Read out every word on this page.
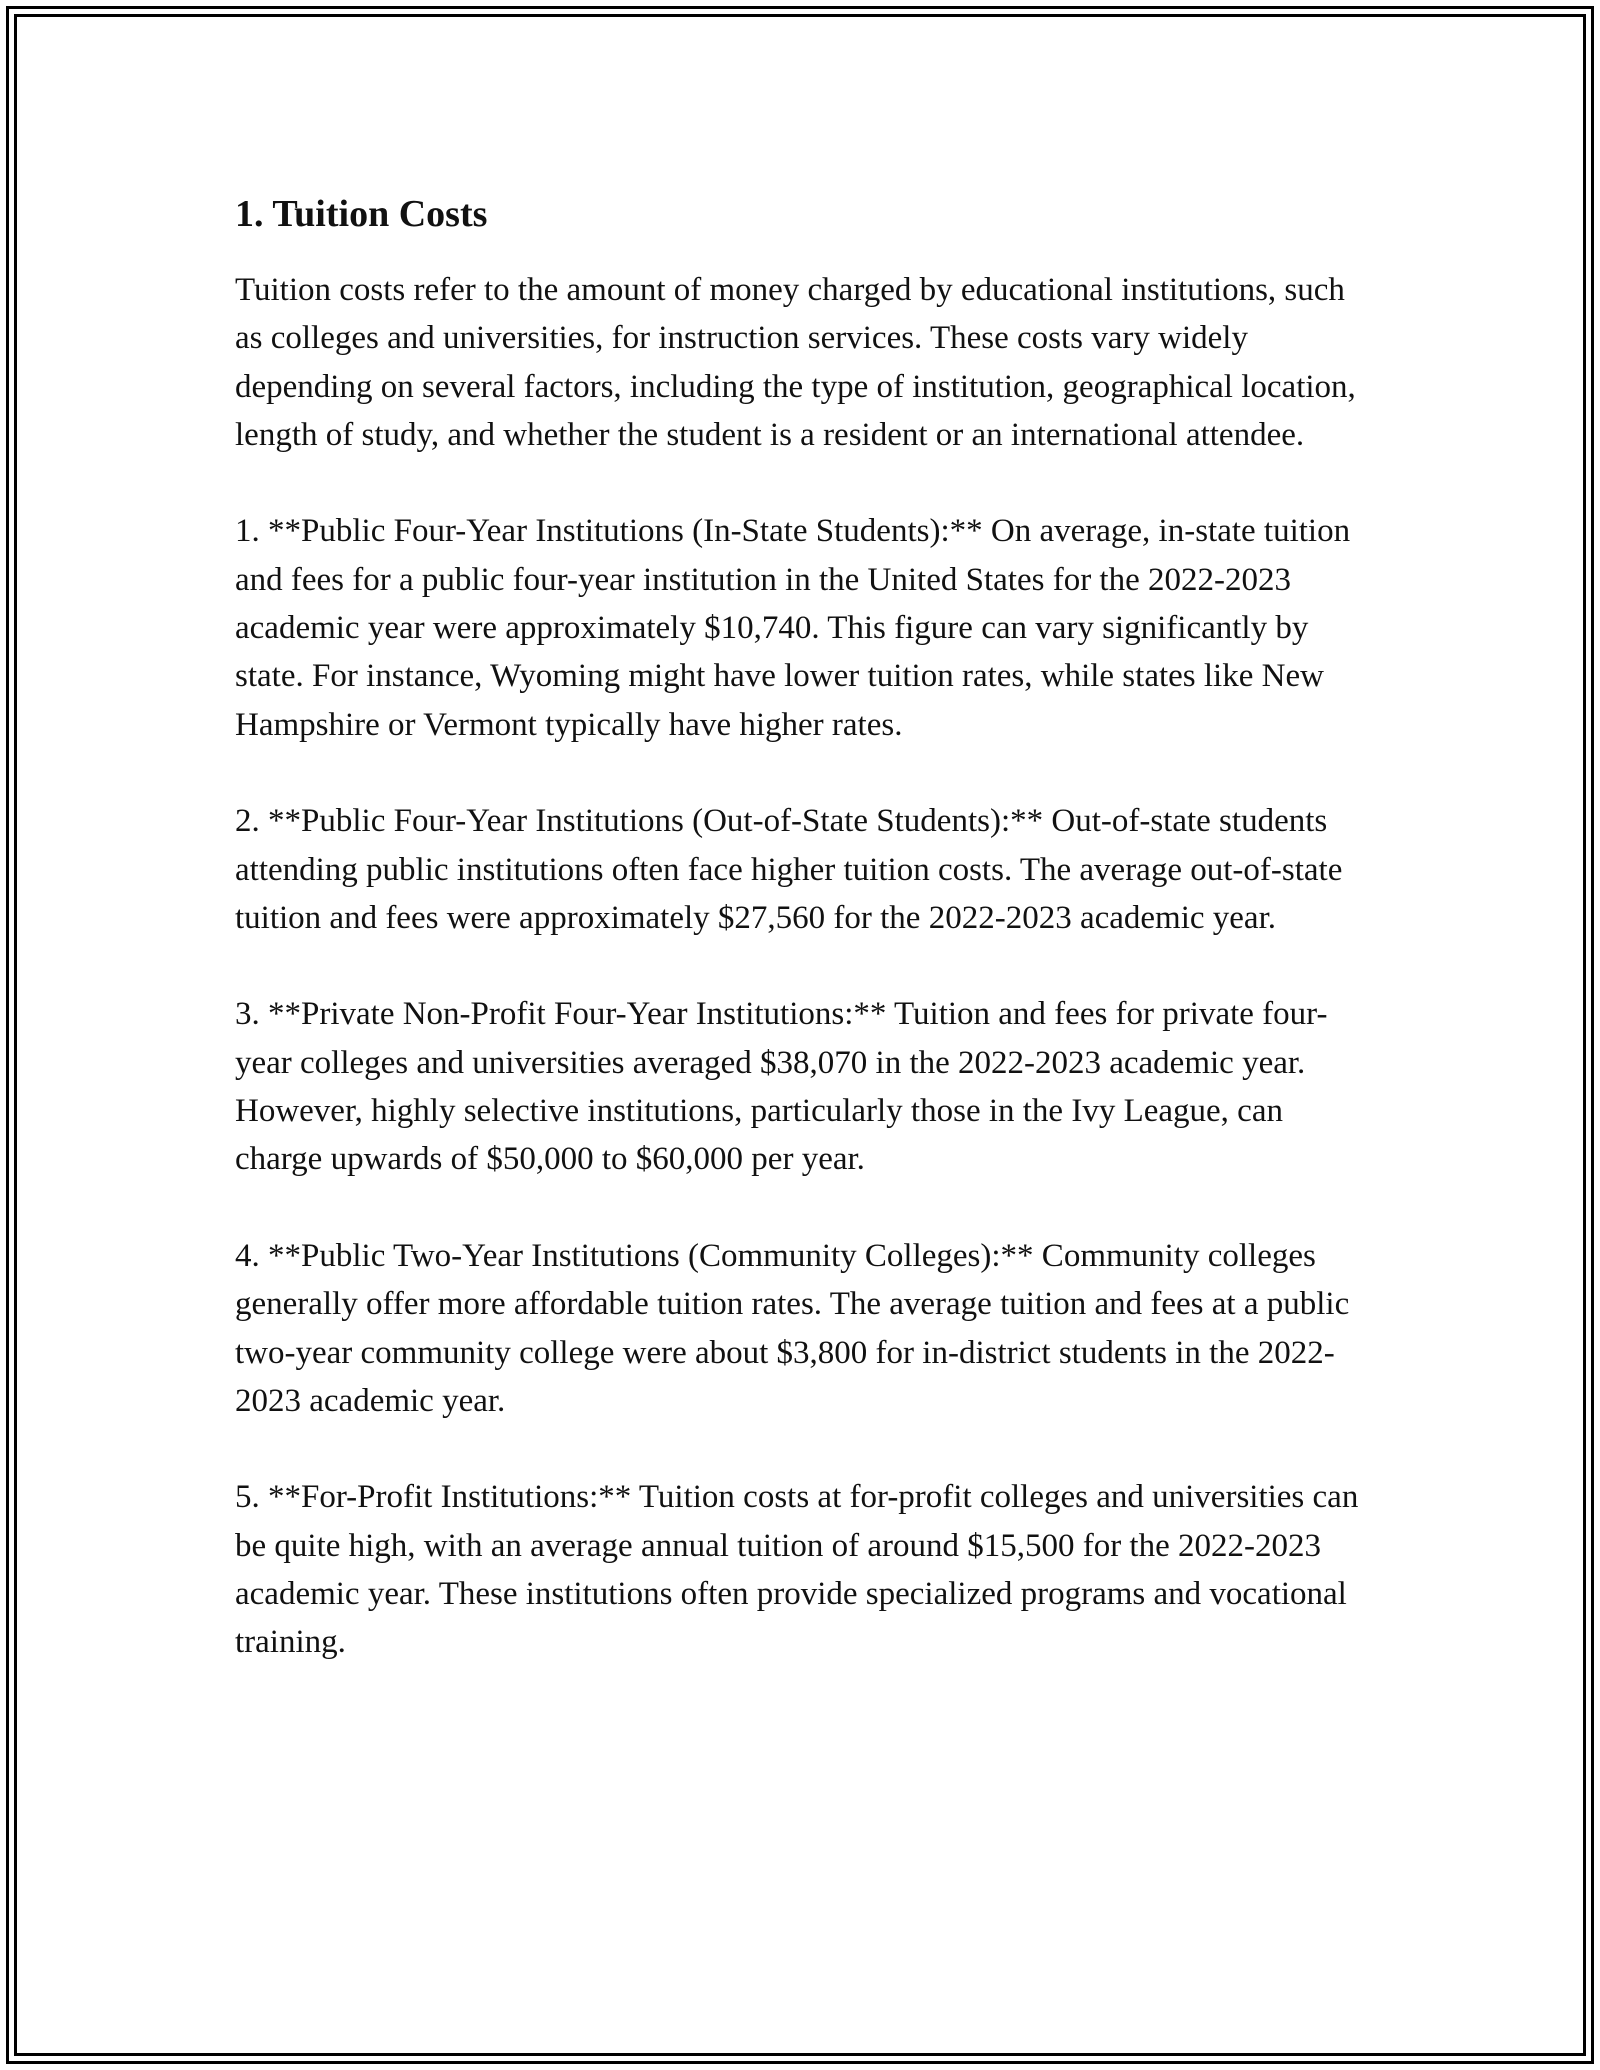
1. Tuition Costs

Tuition costs refer to the amount of money charged by educational institutions, such as colleges and universities, for instruction services. These costs vary widely depending on several factors, including the type of institution, geographical location, length of study, and whether the student is a resident or an international attendee.

1. **Public Four-Year Institutions (In-State Students):** On average, in-state tuition and fees for a public four-year institution in the United States for the 2022-2023 academic year were approximately $10,740. This figure can vary significantly by state. For instance, Wyoming might have lower tuition rates, while states like New Hampshire or Vermont typically have higher rates.

2. **Public Four-Year Institutions (Out-of-State Students):** Out-of-state students attending public institutions often face higher tuition costs. The average out-of-state tuition and fees were approximately $27,560 for the 2022-2023 academic year.

3. **Private Non-Profit Four-Year Institutions:** Tuition and fees for private four-year colleges and universities averaged $38,070 in the 2022-2023 academic year. However, highly selective institutions, particularly those in the Ivy League, can charge upwards of $50,000 to $60,000 per year.

4. **Public Two-Year Institutions (Community Colleges):** Community colleges generally offer more affordable tuition rates. The average tuition and fees at a public two-year community college were about $3,800 for in-district students in the 2022-2023 academic year.

5. **For-Profit Institutions:** Tuition costs at for-profit colleges and universities can be quite high, with an average annual tuition of around $15,500 for the 2022-2023 academic year. These institutions often provide specialized programs and vocational training.
